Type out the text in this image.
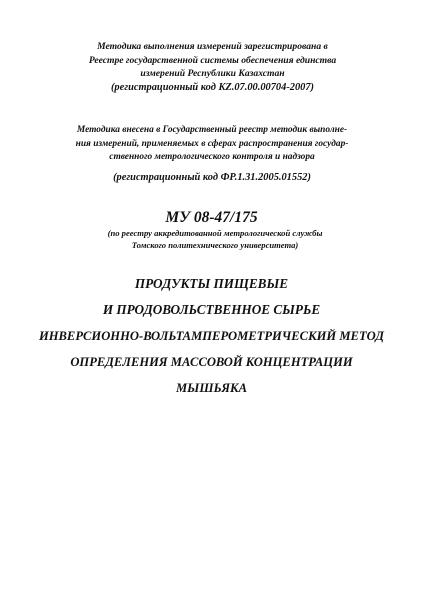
Методика выполнения измерений зарегистрирована в
Реестре государственной системы обеспечения единства
измерений Республики Казахстан
(регистрационный код KZ.07.00.00704-2007)
Методика внесена в Государственный реестр методик выполне-
ния измерений, применяемых в сферах распространения государ-
ственного метрологического контроля и надзора
(регистрационный код ФР.1.31.2005.01552)
МУ 08-47/175
(по реестру аккредитованной метрологической службы
Томского политехнического университета)
ПРОДУКТЫ ПИЩЕВЫЕ
И ПРОДОВОЛЬСТВЕННОЕ СЫРЬЕ
ИНВЕРСИОННО-ВОЛЬТАМПЕРОМЕТРИЧЕСКИЙ МЕТОД
ОПРЕДЕЛЕНИЯ МАССОВОЙ КОНЦЕНТРАЦИИ
МЫШЬЯКА
